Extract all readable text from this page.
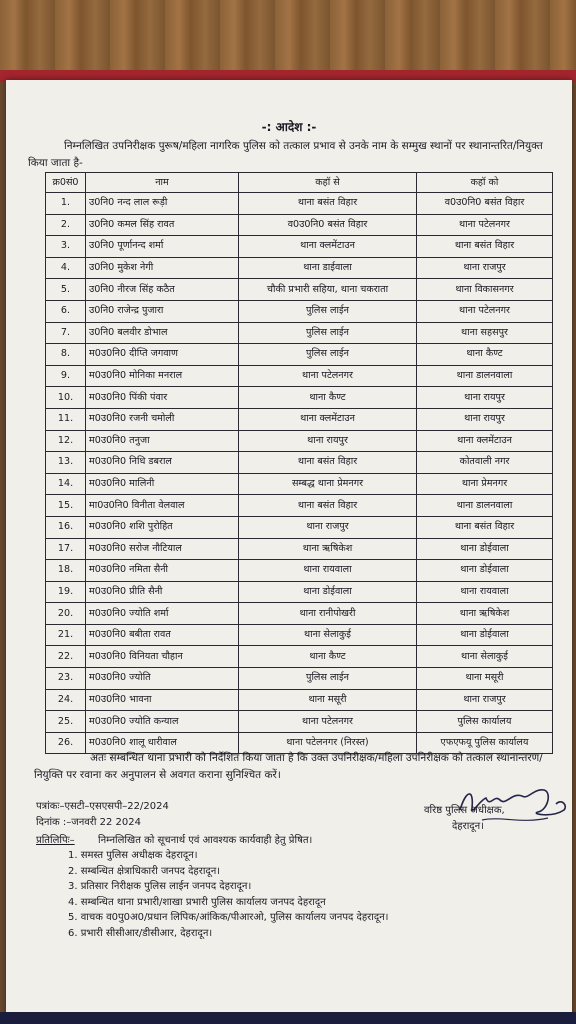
-: आदेश :-
निम्नलिखित उपनिरीक्षक पुरूष/महिला नागरिक पुलिस को तत्काल प्रभाव से उनके नाम के सम्मुख स्थानों पर स्थानान्तरित/नियुक्त किया जाता है-
क्र0सं0	नाम	कहॉ से	कहॉ को
1.	उ0नि0 नन्द लाल रूड़ी	थाना बसंत विहार	व0उ0नि0 बसंत विहार
2.	उ0नि0 कमल सिंह रावत	व0उ0नि0 बसंत विहार	थाना पटेलनगर
3.	उ0नि0 पूर्णानन्द शर्मा	थाना क्लमेंटाउन	थाना बसंत विहार
4.	उ0नि0 मुकेश नेगी	थाना डाईवाला	थाना राजपुर
5.	उ0नि0 नीरज सिंह कठैत	चौकी प्रभारी सहिया, थाना चकराता	थाना विकासनगर
6.	उ0नि0 राजेन्द्र पुजारा	पुलिस लाईन	थाना पटेलनगर
7.	उ0नि0 बलवीर डोभाल	पुलिस लाईन	थाना सहसपुर
8.	म0उ0नि0 दीप्ति जगवाण	पुलिस लाईन	थाना कैण्ट
9.	म0उ0नि0 मोनिका मनराल	थाना पटेलनगर	थाना डालनवाला
10.	म0उ0नि0 पिंकी पंवार	थाना कैण्ट	थाना रायपुर
11.	म0उ0नि0 रजनी चमोली	थाना क्लमेंटाउन	थाना रायपुर
12.	म0उ0नि0 तनुजा	थाना रायपुर	थाना क्लमेंटाउन
13.	म0उ0नि0 निधि डबराल	थाना बसंत विहार	कोतवाली नगर
14.	म0उ0नि0 मालिनी	सम्बद्ध थाना प्रेमनगर	थाना प्रेमनगर
15.	मा0उ0नि0 विनीता वेलवाल	थाना बसंत विहार	थाना डालनवाला
16.	म0उ0नि0 शशि पुरोहित	थाना राजपुर	थाना बसंत विहार
17.	म0उ0नि0 सरोज नौटियाल	थाना ऋषिकेश	थाना डोईवाला
18.	म0उ0नि0 नमिता सैनी	थाना रायवाला	थाना डोईवाला
19.	म0उ0नि0 प्रीति सैनी	थाना डोईवाला	थाना रायवाला
20.	म0उ0नि0 ज्योति शर्मा	थाना रानीपोखरी	थाना ऋषिकेश
21.	म0उ0नि0 बबीता रावत	थाना सेलाकुई	थाना डोईवाला
22.	म0उ0नि0 विनियता चौहान	थाना कैण्ट	थाना सेलाकुई
23.	म0उ0नि0 ज्योति	पुलिस लाईन	थाना मसूरी
24.	म0उ0नि0 भावना	थाना मसूरी	थाना राजपुर
25.	म0उ0नि0 ज्योति कन्याल	थाना पटेलनगर	पुलिस कार्यालय
26.	म0उ0नि0 शालू धारीवाल	थाना पटेलनगर (निरस्त)	एफएफयू पुलिस कार्यालय
अतः सम्बन्धित थाना प्रभारी को निर्देशित किया जाता है कि उक्त उपनिरीक्षक/महिला उपनिरीक्षक को तत्काल स्थानान्तरण/नियुक्ति पर रवाना कर अनुपालन से अवगत कराना सुनिश्चित करें।
पत्रांकः–एसटी–एसएसपी–22/2024
दिनांक :–जनवरी 22 2024
वरिष्ठ पुलिस अधीक्षक,
देहरादून।
प्रतिलिपिः– निम्नलिखित को सूचनार्थ एवं आवश्यक कार्यवाही हेतु प्रेषित।
1. समस्त पुलिस अधीक्षक देहरादून।
2. सम्बन्धित क्षेत्राधिकारी जनपद देहरादून।
3. प्रतिसार निरीक्षक पुलिस लाईन जनपद देहरादून।
4. सम्बन्धित थाना प्रभारी/शाखा प्रभारी पुलिस कार्यालय जनपद देहरादून
5. वाचक व0पु0अ0/प्रधान लिपिक/आंकिक/पीआरओ, पुलिस कार्यालय जनपद देहरादून।
6. प्रभारी सीसीआर/डीसीआर, देहरादून।
